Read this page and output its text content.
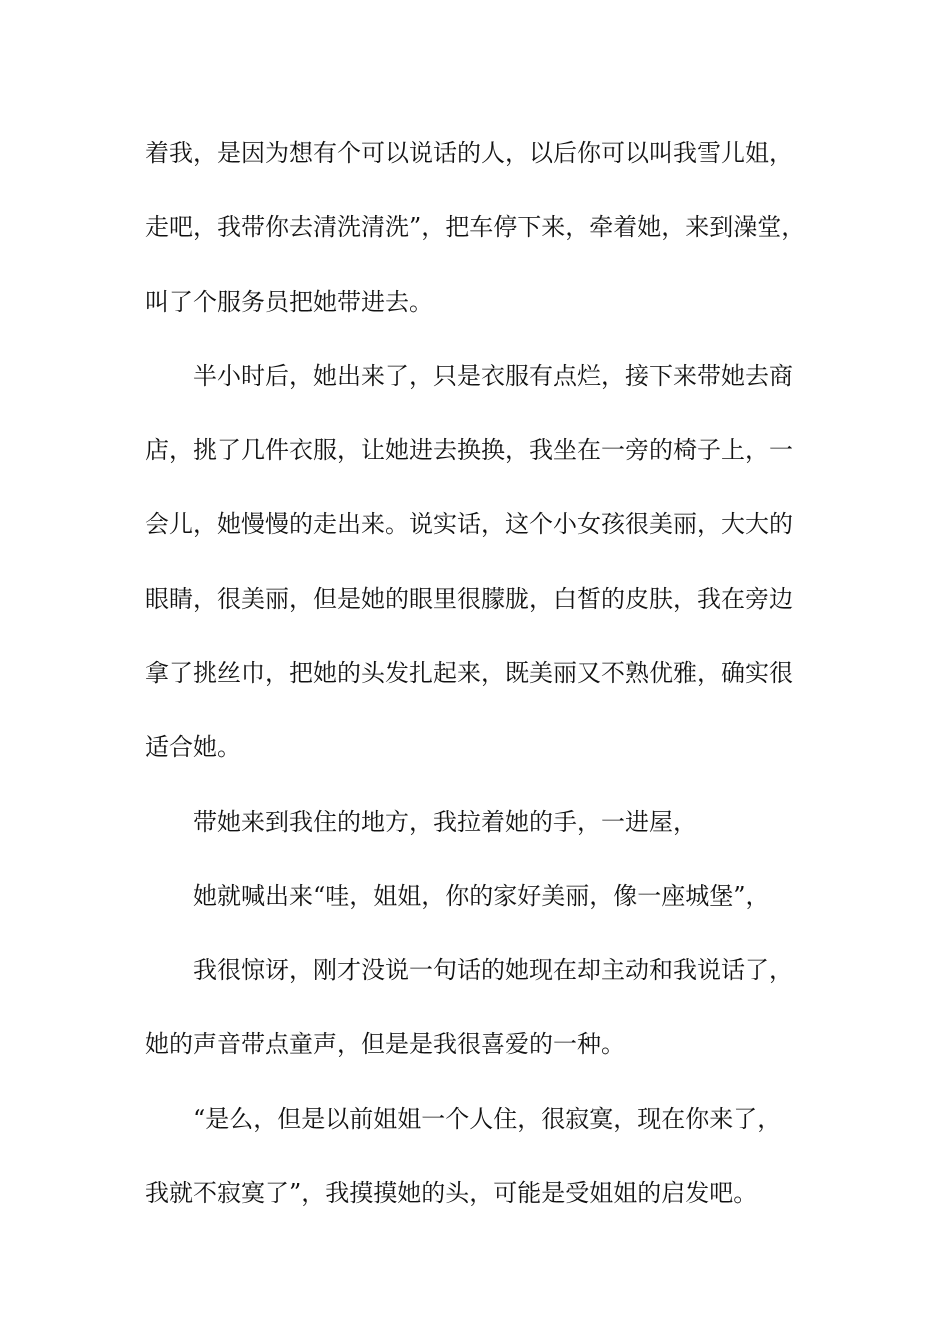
着我，是因为想有个可以说话的人，以后你可以叫我雪儿姐，
走吧，我带你去清洗清洗”，把车停下来，牵着她，来到澡堂，
叫了个服务员把她带进去。
半小时后，她出来了，只是衣服有点烂，接下来带她去商
店，挑了几件衣服，让她进去换换，我坐在一旁的椅子上，一
会儿，她慢慢的走出来。说实话，这个小女孩很美丽，大大的
眼睛，很美丽，但是她的眼里很朦胧，白皙的皮肤，我在旁边
拿了挑丝巾，把她的头发扎起来，既美丽又不熟优雅，确实很
适合她。
带她来到我住的地方，我拉着她的手，一进屋，
她就喊出来“哇，姐姐，你的家好美丽，像一座城堡”，
我很惊讶，刚才没说一句话的她现在却主动和我说话了，
她的声音带点童声，但是是我很喜爱的一种。
“是么，但是以前姐姐一个人住，很寂寞，现在你来了，
我就不寂寞了”，我摸摸她的头，可能是受姐姐的启发吧。
